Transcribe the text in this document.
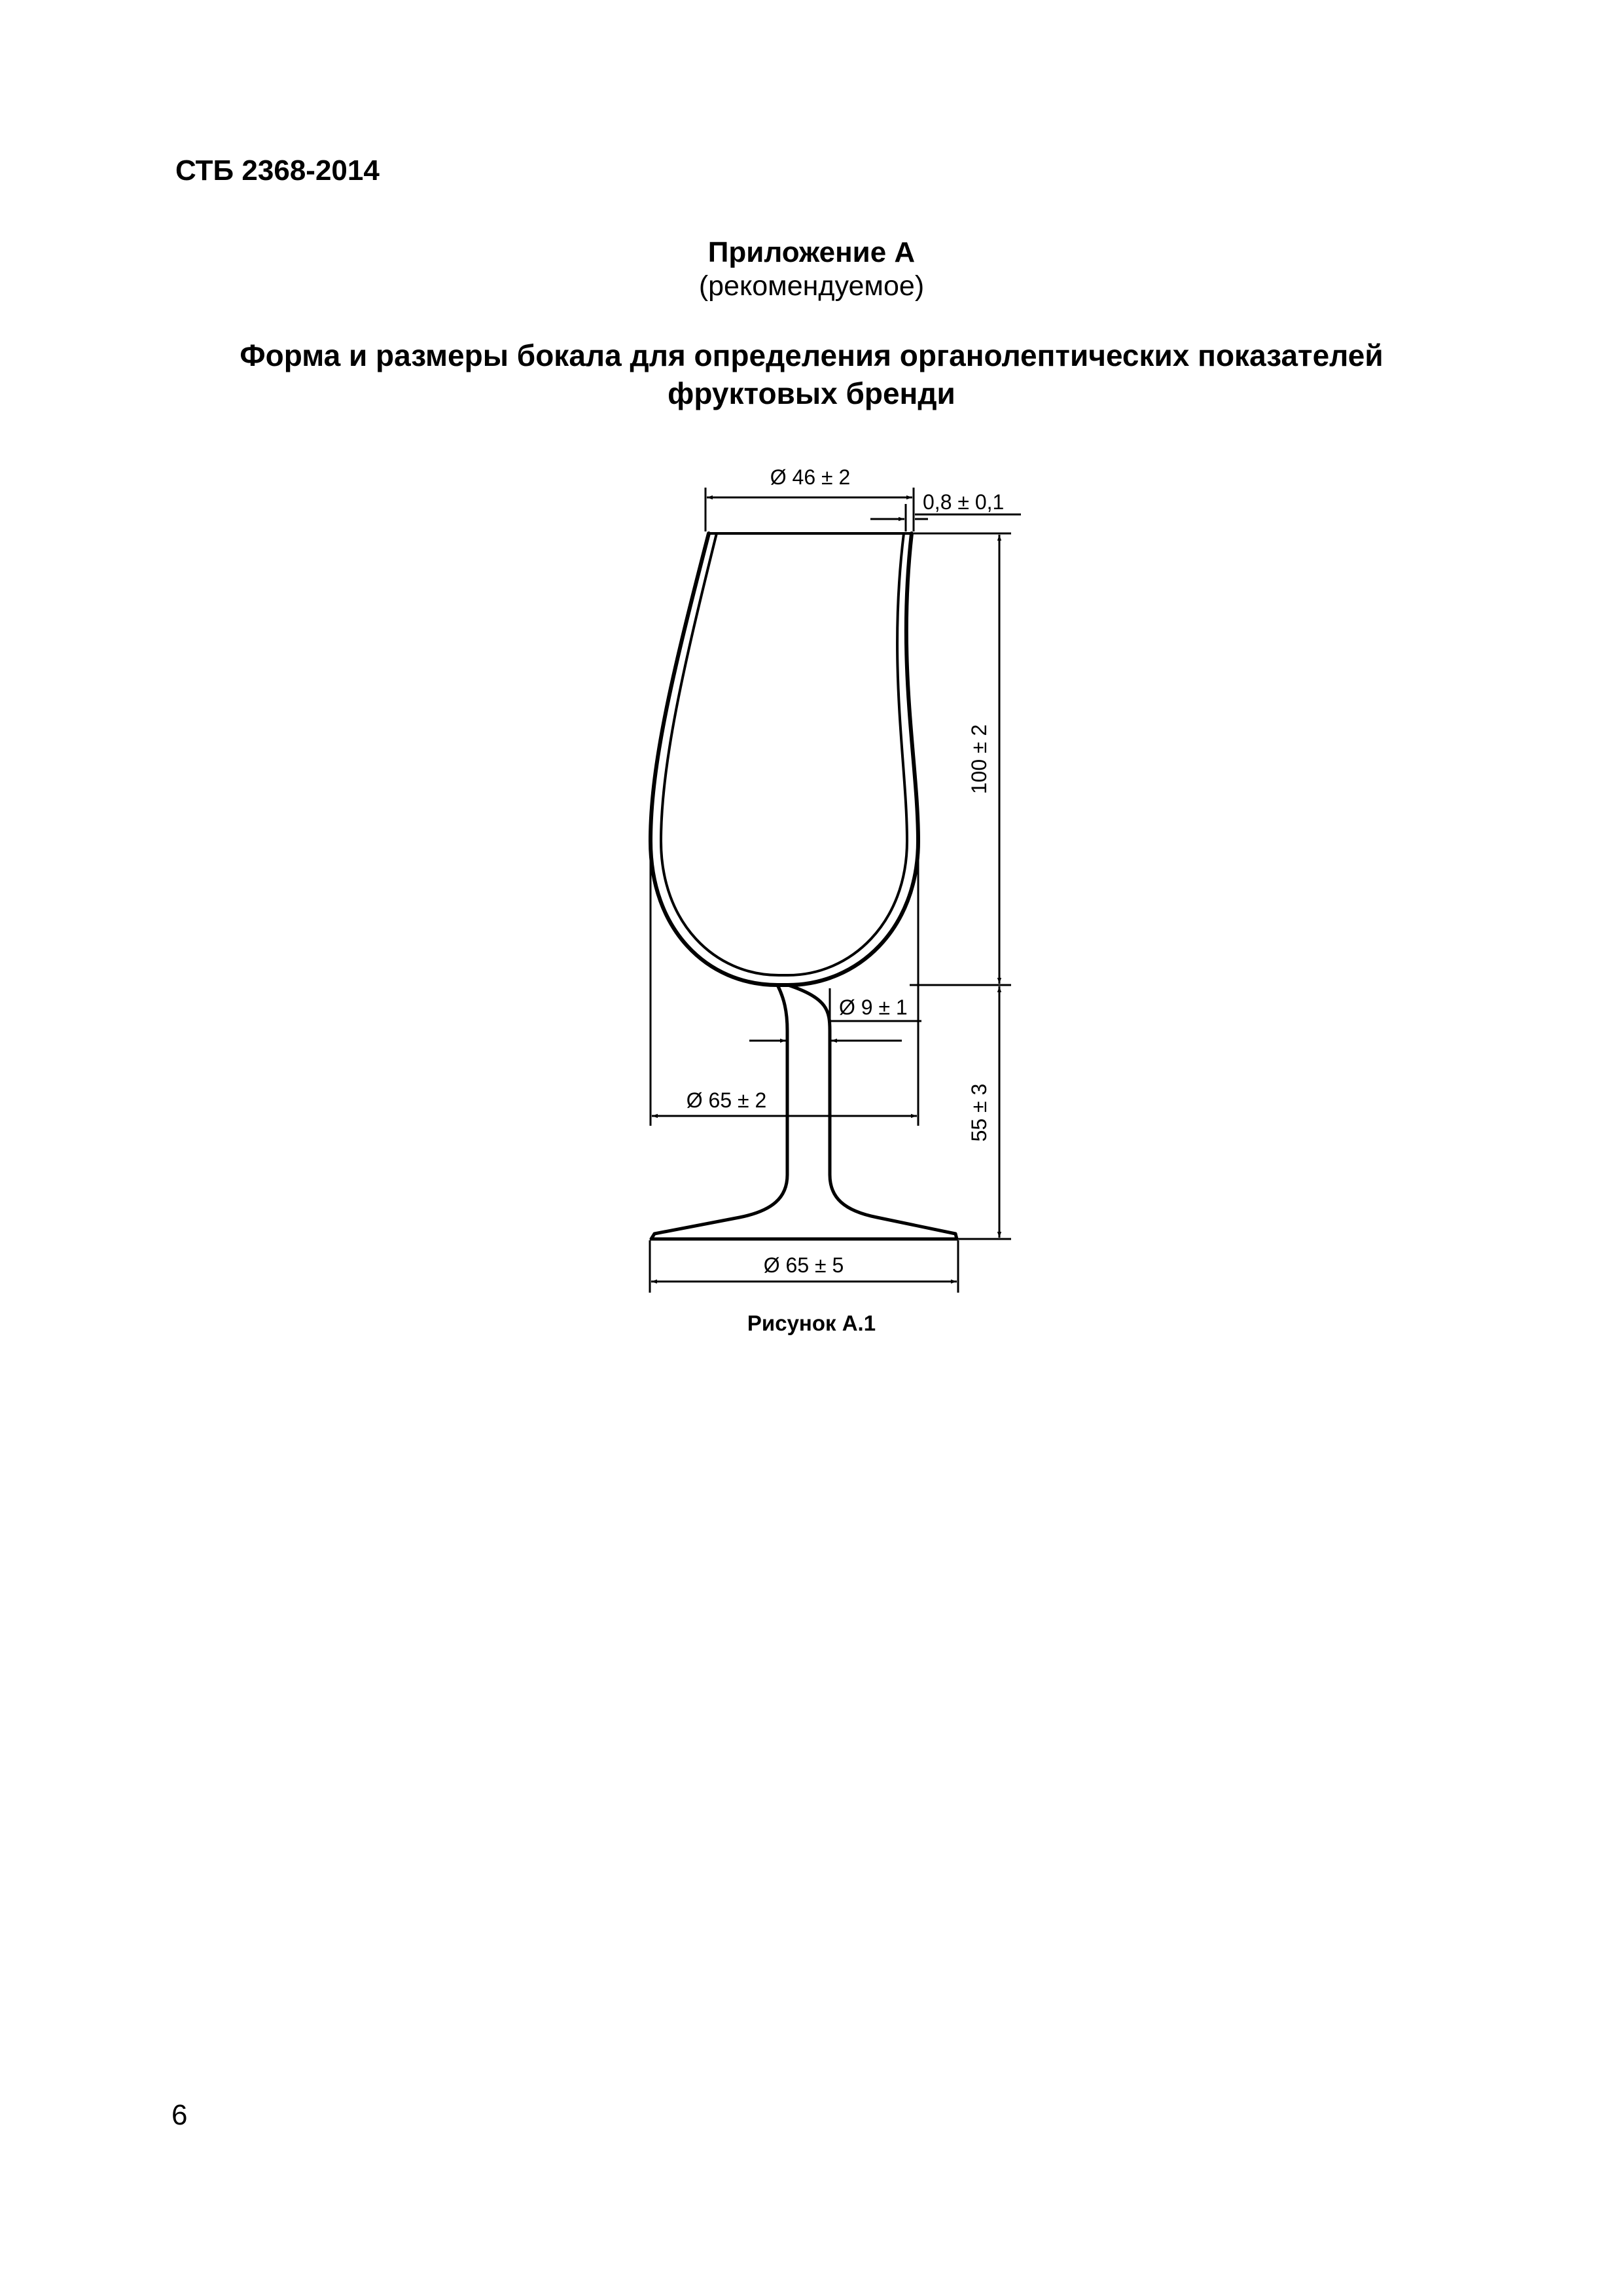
СТБ 2368-2014
Приложение А
(рекомендуемое)
Форма и размеры бокала для определения органолептических показателей
фруктовых бренди
Ø 46 ± 2
0,8 ± 0,1
100 ± 2
Ø 9 ± 1
Ø 65 ± 2	55 ± 3
Ø 65 ± 5
Рисунок А.1
6
